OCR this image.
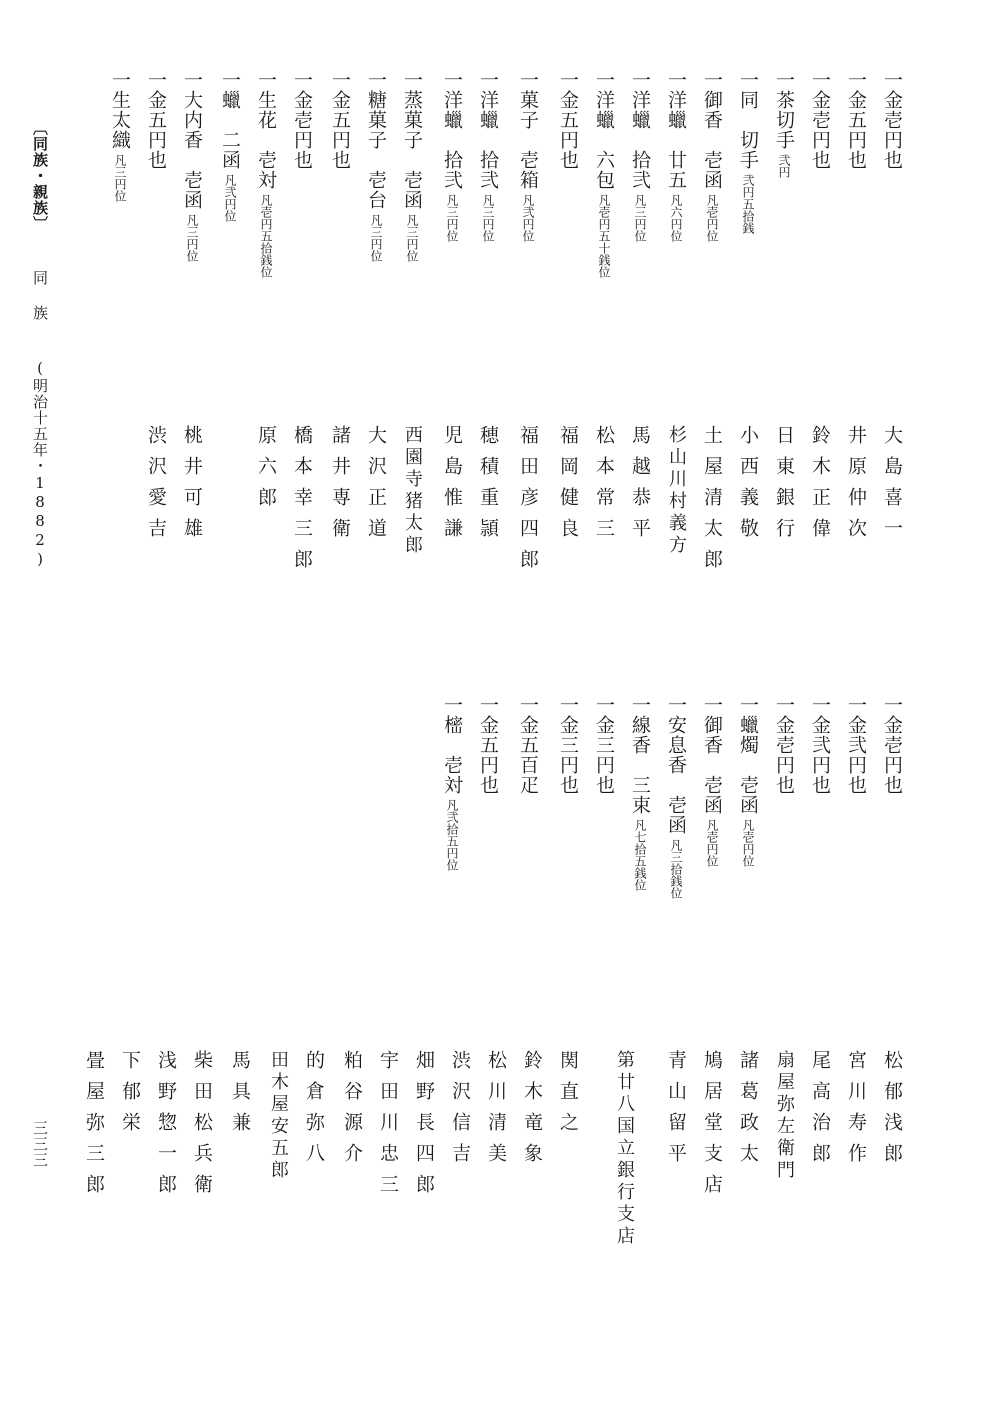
〔同族・親族〕同 族(明治十五年・1882)
三三三
一金壱円也
一金五円也
一金壱円也
一茶切手弐円
一同　切手弐円五拾銭
一御香　壱函凡壱円位
一洋蠟　廿五凡六円位
一洋蠟　拾弐凡三円位
一洋蠟　六包凡壱円五十銭位
一金五円也
一菓子　壱箱凡弐円位
一洋蠟　拾弐凡三円位
一洋蠟　拾弐凡三円位
一蒸菓子　壱函凡三円位
一糖菓子　壱台凡三円位
一金五円也
一金壱円也
一生花　壱対凡壱円五拾銭位
一蠟　二函凡弐円位
一大内香　壱函凡三円位
一金五円也
一生太織凡三円位
大島喜一
井原仲次
鈴木正偉
日東銀行
小西義敬
土屋清太郎
杉山川村義方
馬越恭平
松本常三
福岡健良
福田彦四郎
穂積重頴
児島惟謙
西園寺猪太郎
大沢正道
諸井専衛
橋本幸三郎
原六郎
桃井可雄
渋沢愛吉
一金壱円也
一金弐円也
一金弐円也
一金壱円也
一蠟燭　壱函凡壱円位
一御香　壱函凡壱円位
一安息香　壱函凡三拾銭位
一線香　三束凡七拾五銭位
一金三円也
一金三円也
一金五百疋
一金五円也
一樒　壱対凡弐拾五円位
松郁浅郎
宮川寿作
尾高治郎
扇屋弥左衛門
諸葛政太
鳩居堂支店
青山留平
第廿八国立銀行支店
関直之
鈴木竜象
松川清美
渋沢信吉
畑野長四郎
宇田川忠三
粕谷源介
的倉弥八
田木屋安五郎
馬具兼
柴田松兵衛
浅野惣一郎
下郁栄
畳屋弥三郎
